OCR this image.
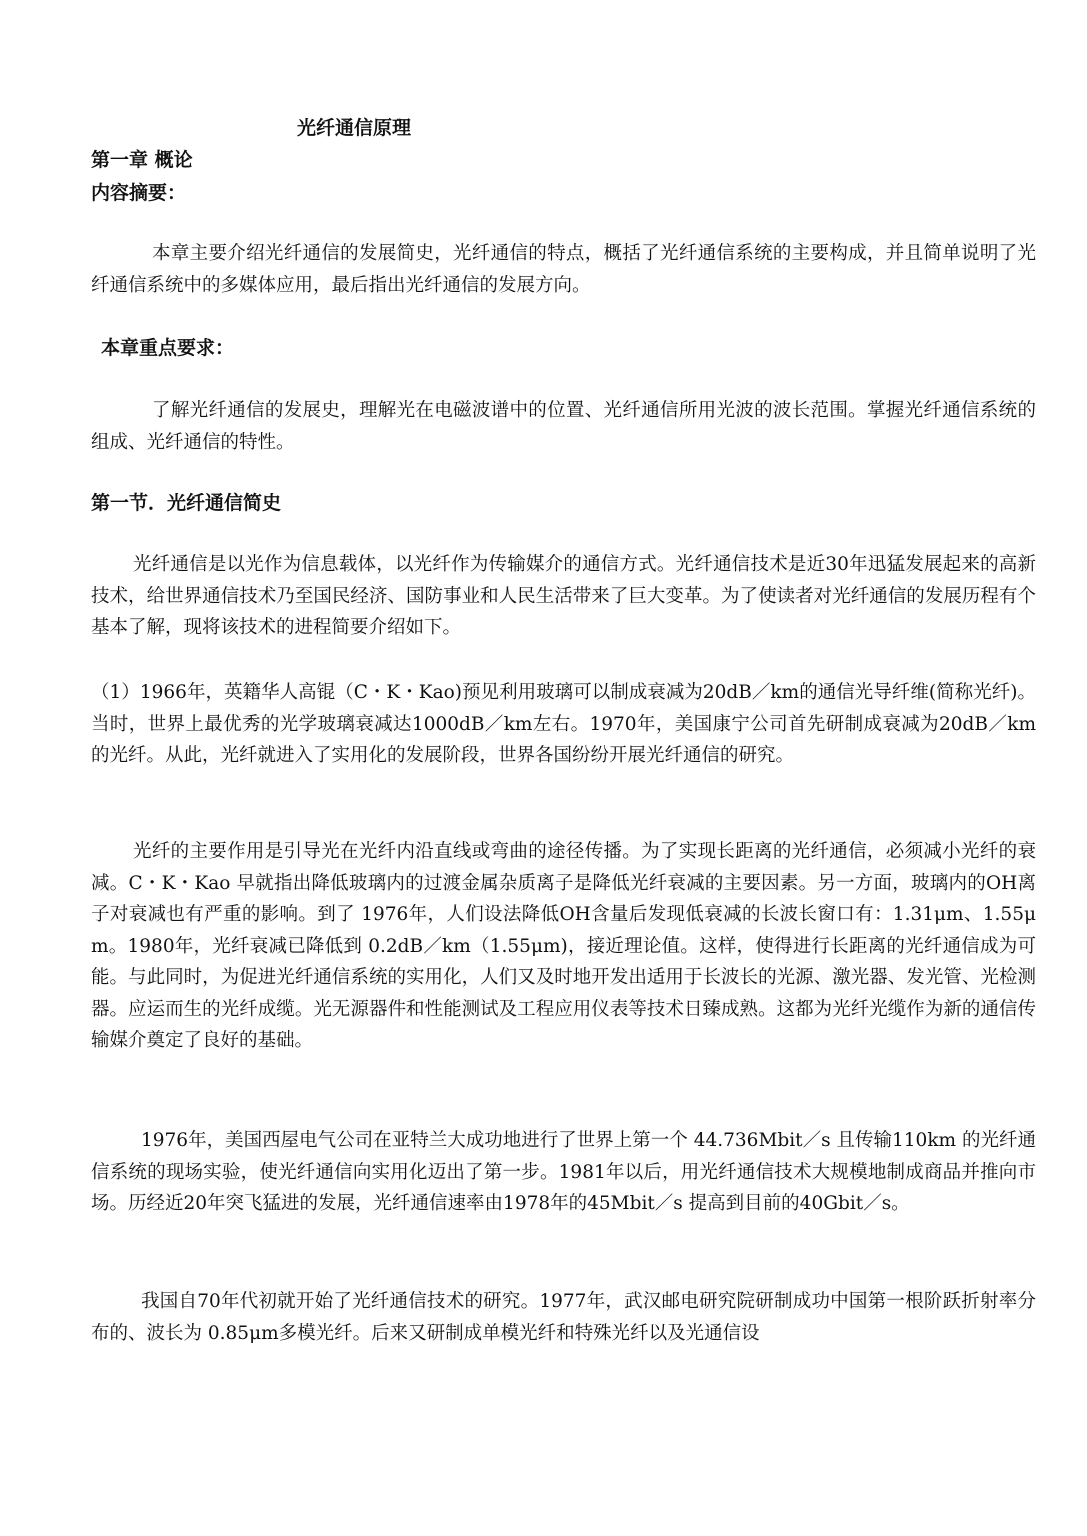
光纤通信原理
第一章 概论
内容摘要：

本章主要介绍光纤通信的发展简史，光纤通信的特点，概括了光纤通信系统的主要构成，并且简单说明了光纤通信系统中的多媒体应用，最后指出光纤通信的发展方向。

本章重点要求：

了解光纤通信的发展史，理解光在电磁波谱中的位置、光纤通信所用光波的波长范围。掌握光纤通信系统的组成、光纤通信的特性。

第一节．光纤通信简史

光纤通信是以光作为信息载体，以光纤作为传输媒介的通信方式。光纤通信技术是近30年迅猛发展起来的高新技术，给世界通信技术乃至国民经济、国防事业和人民生活带来了巨大变革。为了使读者对光纤通信的发展历程有个基本了解，现将该技术的进程简要介绍如下。

（1）1966年，英籍华人高锟（C・K・Kao)预见利用玻璃可以制成衰减为20dB／km的通信光导纤维(简称光纤)。当时，世界上最优秀的光学玻璃衰减达1000dB／km左右。1970年，美国康宁公司首先研制成衰减为20dB／km 的光纤。从此，光纤就进入了实用化的发展阶段，世界各国纷纷开展光纤通信的研究。

光纤的主要作用是引导光在光纤内沿直线或弯曲的途径传播。为了实现长距离的光纤通信，必须减小光纤的衰减。C・K・Kao 早就指出降低玻璃内的过渡金属杂质离子是降低光纤衰减的主要因素。另一方面，玻璃内的OH离子对衰减也有严重的影响。到了 1976年，人们设法降低OH含量后发现低衰减的长波长窗口有：1.31μm、1.55μm。1980年，光纤衰减已降低到 0.2dB／km（1.55μm)，接近理论值。这样，使得进行长距离的光纤通信成为可能。与此同时，为促进光纤通信系统的实用化，人们又及时地开发出适用于长波长的光源、激光器、发光管、光检测器。应运而生的光纤成缆。光无源器件和性能测试及工程应用仪表等技术日臻成熟。这都为光纤光缆作为新的通信传输媒介奠定了良好的基础。

1976年，美国西屋电气公司在亚特兰大成功地进行了世界上第一个 44.736Mbit／s 且传输110km 的光纤通信系统的现场实验，使光纤通信向实用化迈出了第一步。1981年以后，用光纤通信技术大规模地制成商品并推向市场。历经近20年突飞猛进的发展，光纤通信速率由1978年的45Mbit／s 提高到目前的40Gbit／s。

我国自70年代初就开始了光纤通信技术的研究。1977年，武汉邮电研究院研制成功中国第一根阶跃折射率分布的、波长为 0.85μm多模光纤。后来又研制成单模光纤和特殊光纤以及光通信设
